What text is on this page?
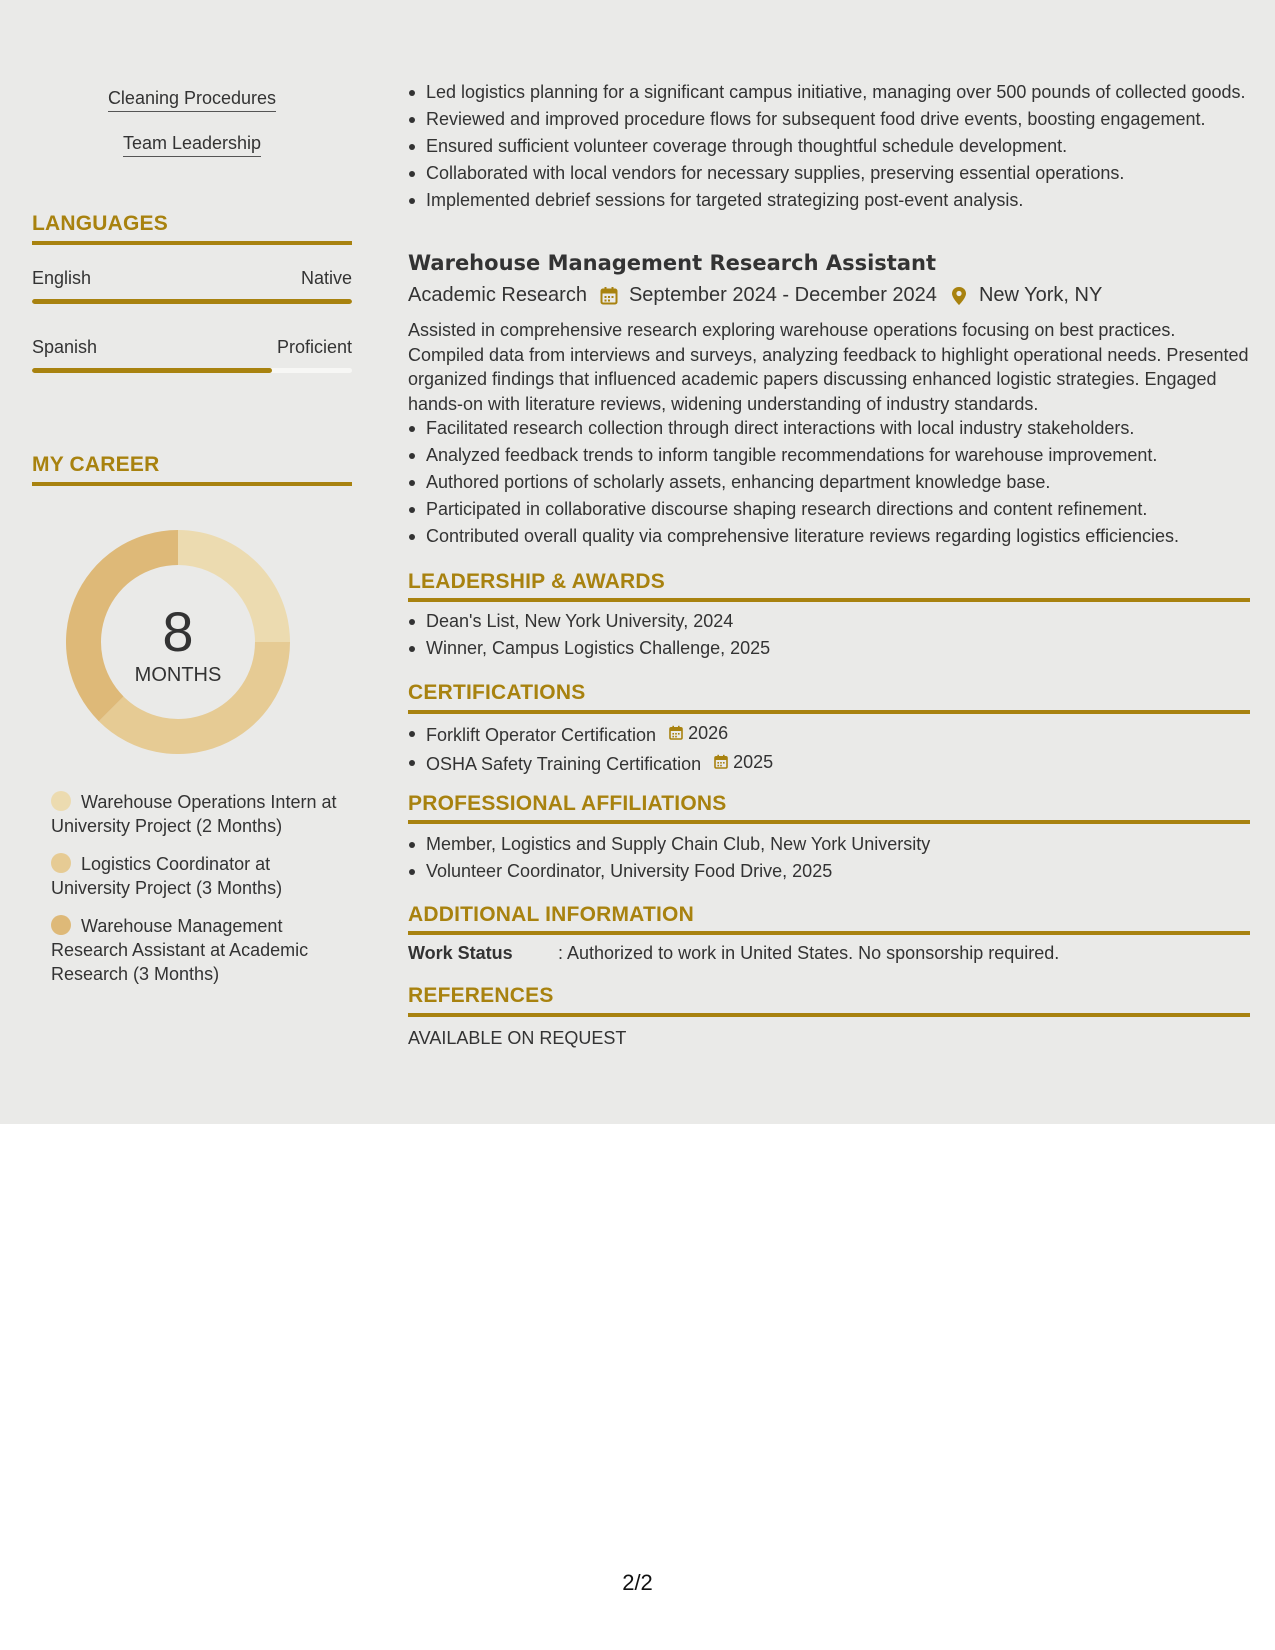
Cleaning Procedures
Team Leadership
LANGUAGES
English	Native
Spanish	Proficient
MY CAREER
8
MONTHS
Warehouse Operations Intern at University Project (2 Months)
Logistics Coordinator at University Project (3 Months)
Warehouse Management Research Assistant at Academic Research (3 Months)
Led logistics planning for a significant campus initiative, managing over 500 pounds of collected goods.
Reviewed and improved procedure flows for subsequent food drive events, boosting engagement.
Ensured sufficient volunteer coverage through thoughtful schedule development.
Collaborated with local vendors for necessary supplies, preserving essential operations.
Implemented debrief sessions for targeted strategizing post-event analysis.
Warehouse Management Research Assistant
Academic Research September 2024 - December 2024 New York, NY
Assisted in comprehensive research exploring warehouse operations focusing on best practices. Compiled data from interviews and surveys, analyzing feedback to highlight operational needs. Presented organized findings that influenced academic papers discussing enhanced logistic strategies. Engaged hands-on with literature reviews, widening understanding of industry standards.
Facilitated research collection through direct interactions with local industry stakeholders.
Analyzed feedback trends to inform tangible recommendations for warehouse improvement.
Authored portions of scholarly assets, enhancing department knowledge base.
Participated in collaborative discourse shaping research directions and content refinement.
Contributed overall quality via comprehensive literature reviews regarding logistics efficiencies.
LEADERSHIP & AWARDS
Dean's List, New York University, 2024
Winner, Campus Logistics Challenge, 2025
CERTIFICATIONS
Forklift Operator Certification 2026
OSHA Safety Training Certification 2025
PROFESSIONAL AFFILIATIONS
Member, Logistics and Supply Chain Club, New York University
Volunteer Coordinator, University Food Drive, 2025
ADDITIONAL INFORMATION
Work Status	: Authorized to work in United States. No sponsorship required.
REFERENCES
AVAILABLE ON REQUEST
2/2
